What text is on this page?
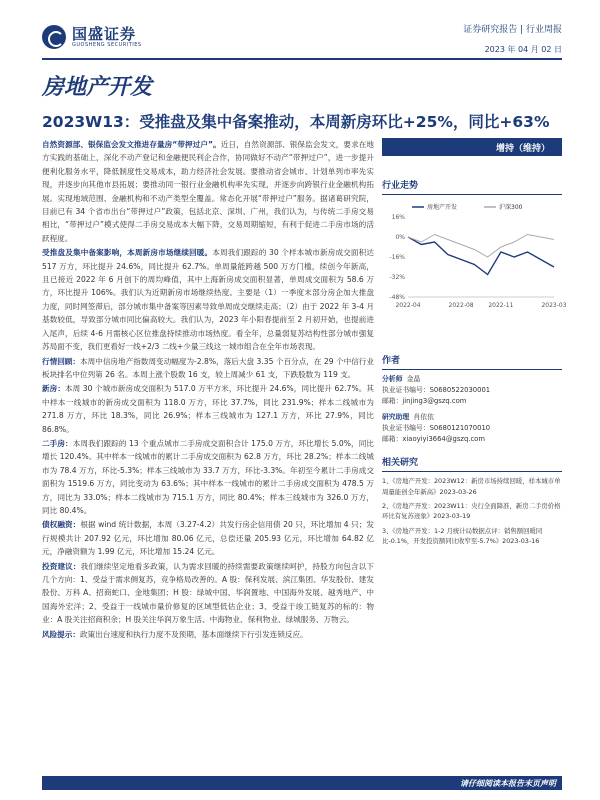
国盛证券
GUOSHENG SECURITIES
证券研究报告 | 行业周报
2023 年 04 月 02 日
房地产开发
2023W13：受推盘及集中备案推动，本周新房环比+25%，同比+63%

自然资源部、银保监会发文推进存量房“带押过户”。近日，自然资源部、银保监会发文，要求在地方实践的基础上，深化不动产登记和金融便民利企合作，协同做好不动产“带押过户”，进一步提升便利化服务水平，降低制度性交易成本，助力经济社会发展。要推动省会城市、计划单列市率先实现，并逐步向其他市县拓展；要推动同一银行业金融机构率先实现，并逐步向跨银行业金融机构拓展。实现地域范围、金融机构和不动产类型全覆盖。常态化开展“带押过户”服务。据诸葛研究院，目前已有 34 个省市出台“带押过户”政策，包括北京、深圳、广州，我们认为，与传统二手房交易相比，“带押过户”模式使得二手房交易成本大幅下降，交易周期缩短，有利于促进二手房市场的活跃程度。

受推盘及集中备案影响，本周新房市场继续回暖。本周我们跟踪的 30 个样本城市新房成交面积达 517 万方，环比提升 24.6%，同比提升 62.7%。单周量能跨越 500 万方门槛，续创今年新高，且已接近 2022 年 6 月创下的周均峰值，其中上海新房成交面积显著，单周成交面积为 58.6 万方，环比提升 106%。我们认为近期新房市场继续热度。主要是（1）一季度末部分房企加大推盘力度，同时网签滞后，部分城市集中备案等因素导致单周成交继续走高；（2）由于 2022 年 3-4 月基数较低，导致部分城市同比偏高较大。我们认为，2023 年小阳春提前至 2 月初开始，也提前进入尾声，后续 4-6 月需核心区位推盘持续推动市场热度。看全年，总量弱复苏结构性部分城市强复苏局面不变，我们更看好一线+2/3 二线+少量三线这一城市组合在全年市场表现。

行情回顾：本周中信房地产指数周变动幅度为-2.8%，落后大盘 3.35 个百分点，在 29 个中信行业板块排名中位列第 26 名。本周上涨个股数 16 支，较上周减少 61 支，下跌股数为 119 支。

新房：本周 30 个城市新房成交面积为 517.0 万平方米，环比提升 24.6%，同比提升 62.7%。其中样本一线城市的新房成交面积为 118.0 万方，环比 37.7%，同比 231.9%；样本二线城市为 271.8 万方，环比 18.3%，同比 26.9%；样本三线城市为 127.1 万方，环比 27.9%，同比 86.8%。

二手房：本周我们跟踪的 13 个重点城市二手房成交面积合计 175.0 万方，环比增长 5.0%，同比增长 120.4%。其中样本一线城市的累计二手房成交面积为 62.8 万方，环比 28.2%；样本二线城市为 78.4 万方，环比-5.3%；样本三线城市为 33.7 万方，环比-3.3%。年初至今累计二手房成交面积为 1519.6 万方，同比变动为 63.6%；其中样本一线城市的累计二手房成交面积为 478.5 万方，同比为 33.0%；样本二线城市为 715.1 万方，同比 80.4%；样本三线城市为 326.0 万方，同比 80.4%。

债权融资：根据 wind 统计数据，本周（3.27-4.2）共发行房企信用债 20 只，环比增加 4 只；发行规模共计 207.92 亿元，环比增加 80.06 亿元，总偿还量 205.93 亿元，环比增加 64.82 亿元，净融资额为 1.99 亿元，环比增加 15.24 亿元。

投资建议：我们继续坚定地看多政策，认为需求回暖的持续需要政策继续呵护，持股方向包含以下几个方向：1、受益于需求侧复苏，竞争格局改善的。A 股：保利发展、滨江集团、华发股份、建发股份、万科 A、招商蛇口、金地集团；H 股：绿城中国、华润置地、中国海外发展、越秀地产、中国海外宏洋；2、受益于一线城市量价修复的区域型低估企业；3、受益于竣工链复苏的标的：物业：A 股关注招商积余；H 股关注华润万象生活、中海物业、保利物业、绿城服务、万物云。

风险提示：政策出台速度和执行力度不及预期，基本面继续下行引发连锁反应。

增持（维持）
行业走势
16%
0%
-16%
-32%
-48%
2022-04	2022-08 2022-11	2023-03
房地产开发	沪深300
作者
分析师 金晶
执业证书编号：S0680522030001
邮箱：jinjing3@gszq.com
研究助理 肖依依
执业证书编号：S0680121070010
邮箱：xiaoyiyi3664@gszq.com
相关研究
1、《房地产开发：2023W12：新房市场持续回暖，样本城市单周量能创全年新高》2023-03-26
2、《房地产开发：2023W11：央行全面降准，新房二手房价格环比有复苏迹象》2023-03-19
3、《房地产开发：1-2 月统计局数据点评：销售额回暖同比-0.1%，开发投资额同比收窄至-5.7%》2023-03-16
请仔细阅读本报告末页声明
